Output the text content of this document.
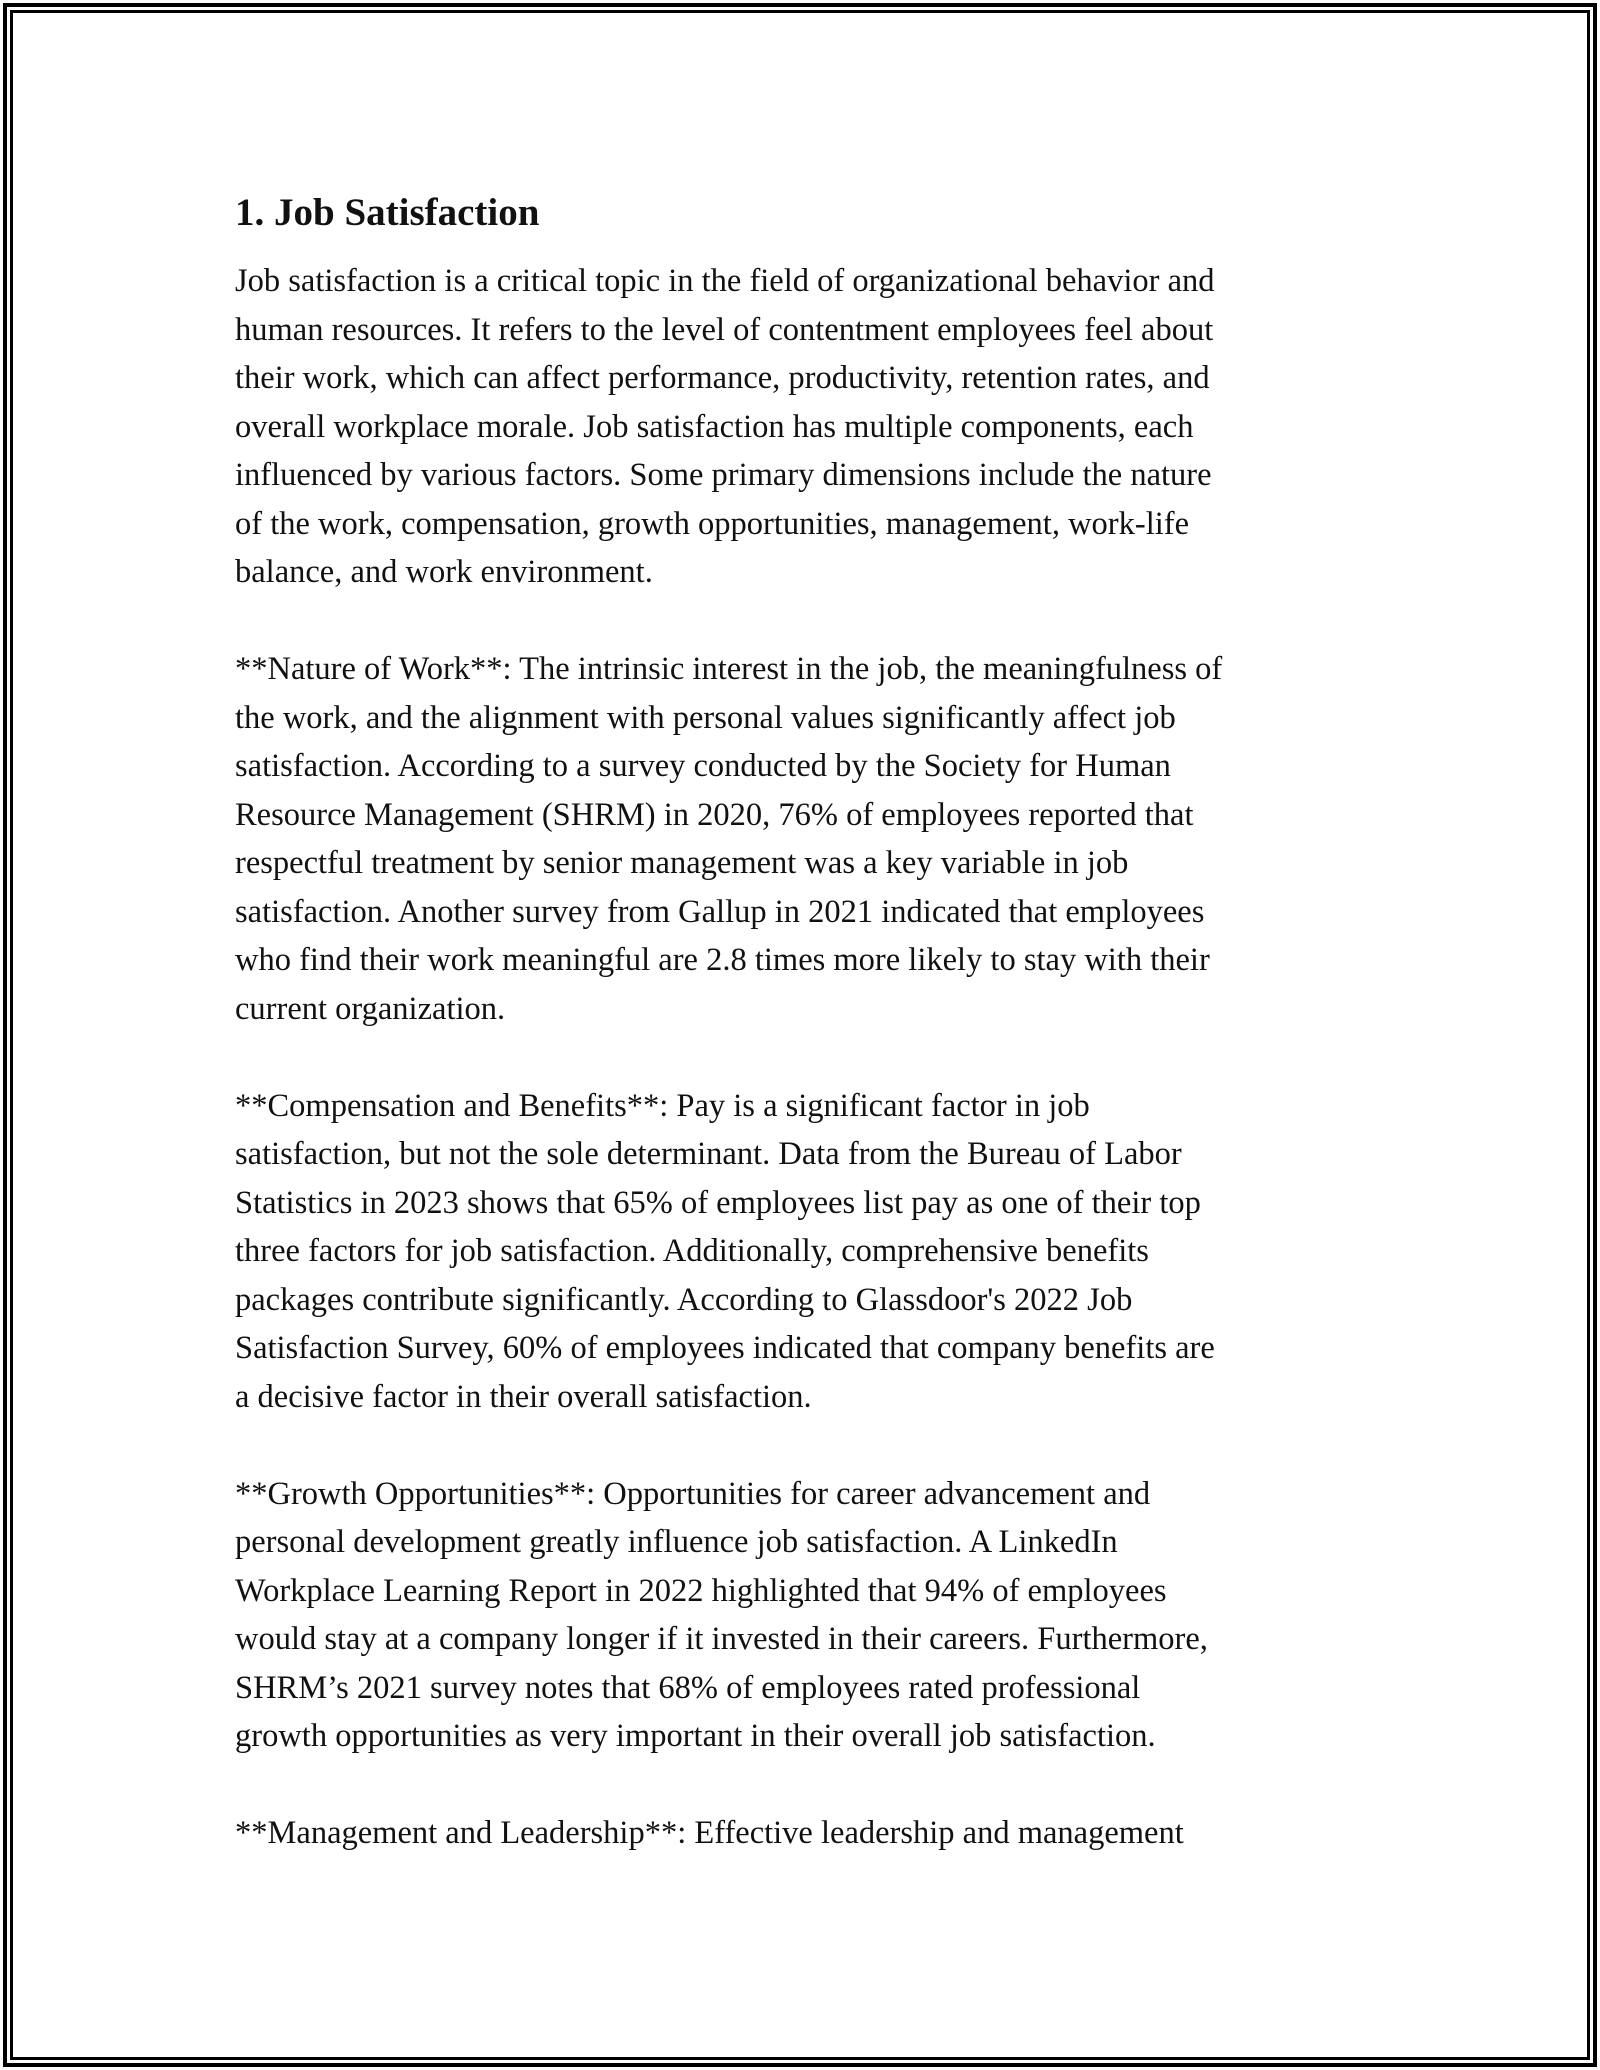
1. Job Satisfaction
Job satisfaction is a critical topic in the field of organizational behavior and
human resources. It refers to the level of contentment employees feel about
their work, which can affect performance, productivity, retention rates, and
overall workplace morale. Job satisfaction has multiple components, each
influenced by various factors. Some primary dimensions include the nature
of the work, compensation, growth opportunities, management, work-life
balance, and work environment.
**Nature of Work**: The intrinsic interest in the job, the meaningfulness of
the work, and the alignment with personal values significantly affect job
satisfaction. According to a survey conducted by the Society for Human
Resource Management (SHRM) in 2020, 76% of employees reported that
respectful treatment by senior management was a key variable in job
satisfaction. Another survey from Gallup in 2021 indicated that employees
who find their work meaningful are 2.8 times more likely to stay with their
current organization.
**Compensation and Benefits**: Pay is a significant factor in job
satisfaction, but not the sole determinant. Data from the Bureau of Labor
Statistics in 2023 shows that 65% of employees list pay as one of their top
three factors for job satisfaction. Additionally, comprehensive benefits
packages contribute significantly. According to Glassdoor's 2022 Job
Satisfaction Survey, 60% of employees indicated that company benefits are
a decisive factor in their overall satisfaction.
**Growth Opportunities**: Opportunities for career advancement and
personal development greatly influence job satisfaction. A LinkedIn
Workplace Learning Report in 2022 highlighted that 94% of employees
would stay at a company longer if it invested in their careers. Furthermore,
SHRM’s 2021 survey notes that 68% of employees rated professional
growth opportunities as very important in their overall job satisfaction.
**Management and Leadership**: Effective leadership and management
